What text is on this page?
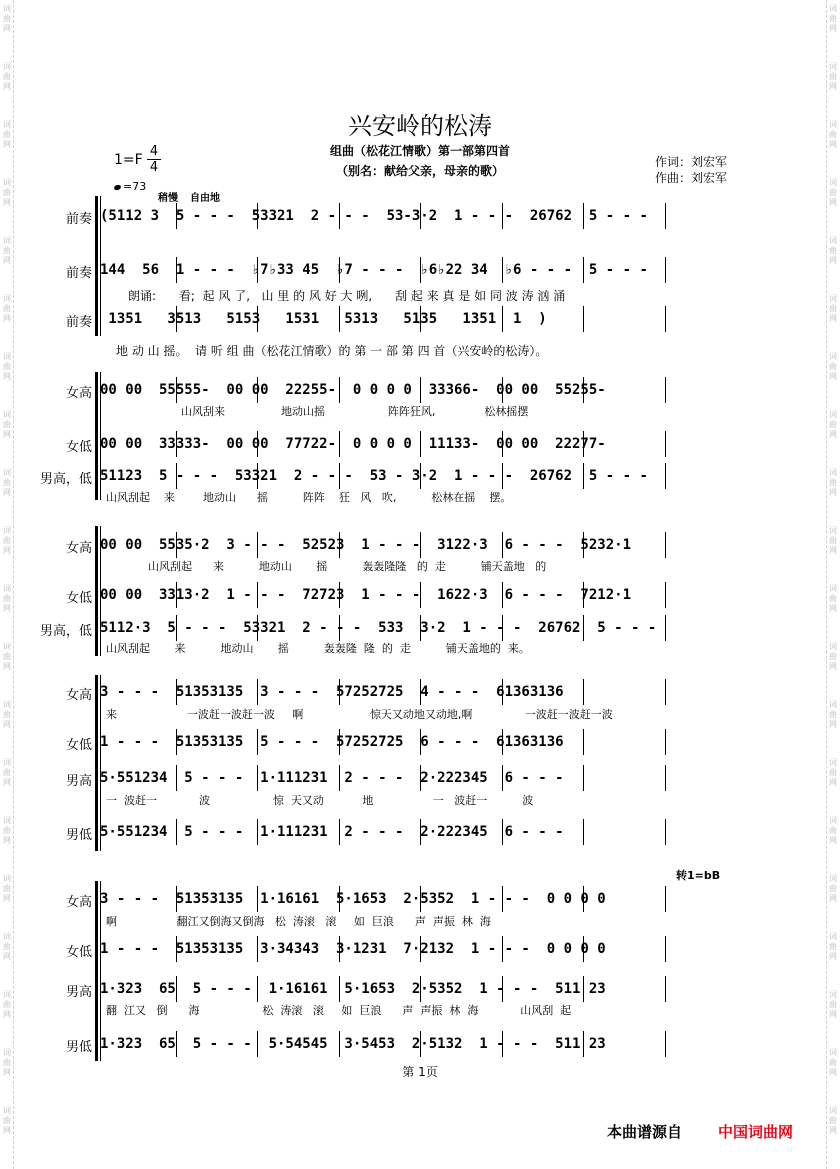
词曲网
词曲网
词曲网
词曲网
词曲网
词曲网
词曲网
词曲网
词曲网
词曲网
词曲网
词曲网
词曲网
词曲网
词曲网
词曲网
词曲网
词曲网
词曲网
词曲网
词曲网
词曲网
词曲网
词曲网
词曲网
词曲网
词曲网
词曲网
词曲网
词曲网
词曲网
词曲网
词曲网
词曲网
词曲网
词曲网
词曲网
词曲网
词曲网
词曲网
兴安岭的松涛
组曲（松花江情歌）第一部第四首
（别名：献给父亲，母亲的歌）
作词：刘宏军
作曲：刘宏军
1=F
4
4
=73
稍慢 自由地
前奏 (5112 3  5 - - -  53321  2 - - -  53-3·2  1 - - -  26762  5 - - -
前奏 144  56  1 - - -  ♭7♭33 45  ♭7 - - -  ♭6♭22 34  ♭6 - - -  5 - - -
朗诵:      看;  起 风 了,   山 里 的 风 好 大 咧,      刮 起 来 真 是 如 同 波 涛 汹 涌
前奏 1351   3513   5153   1531   5313   5135   1351  1  )
地 动 山 摇。  请 听 组 曲（松花江情歌）的 第 一 部 第 四 首（兴安岭的松涛）。
女高 00 00  55555-  00 00  22255-  0 0 0 0  33366-  00 00  55255-
山风刮来                地动山摇                  阵阵狂风,              松林摇摆
女低 00 00  33333-  00 00  77722-  0 0 0 0  11133-  00 00  22277-
男高，低 51123  5 - - -  53321  2 - - -  53 - 3·2  1 - - -  26762  5 - - -
山风刮起    来        地动山      摇          阵阵    狂   风   吹,          松林在摇    摆。
女高 00 00  5535·2  3 - - -  52523  1 - - -  3122·3  6 - - -  5232·1
山风刮起      来          地动山       摇          轰轰隆隆   的  走          铺天盖地   的
女低 00 00  3313·2  1 - - -  72723  1 - - -  1622·3  6 - - -  7212·1
男高，低 5112·3  5 - - -  53321  2 - - -  533  3·2  1 - - -  26762  5 - - -
山风刮起       来          地动山       摇          轰轰隆  隆  的  走          铺天盖地的  来。
女高 3 - - -  51353135  3 - - -  57252725  4 - - -  61363136
来                    一波赶一波赶一波     啊                   惊天又动地又动地,啊               一波赶一波赶一波
女低 1 - - -  51353135  5 - - -  57252725  6 - - -  61363136
男高 5·551234  5 - - -  1·111231  2 - - -  2·222345  6 - - -
一  波赶一            波                  惊  天又动           地                 一   波赶一          波
男低 5·551234  5 - - -  1·111231  2 - - -  2·222345  6 - - -
转1=bB
女高 3 - - -  51353135  1·16161  5·1653  2·5352  1 - - -  0 0 0 0
啊                 翻江又倒海又倒海   松  涛滚   滚     如  巨浪      声  声振  林  海
女低 1 - - -  51353135  3·34343  3·1231  7·2132  1 - - -  0 0 0 0
男高 1·323  65  5 - - -  1·16161  5·1653  2·5352  1 - - -  511 23
翻  江又   倒      海                  松  涛滚   滚     如  巨浪      声  声振  林  海            山风刮  起
男低 1·323  65  5 - - -  5·54545  3·5453  2·5132  1 - - -  511 23
第 1页
本曲谱源自 中国词曲网
